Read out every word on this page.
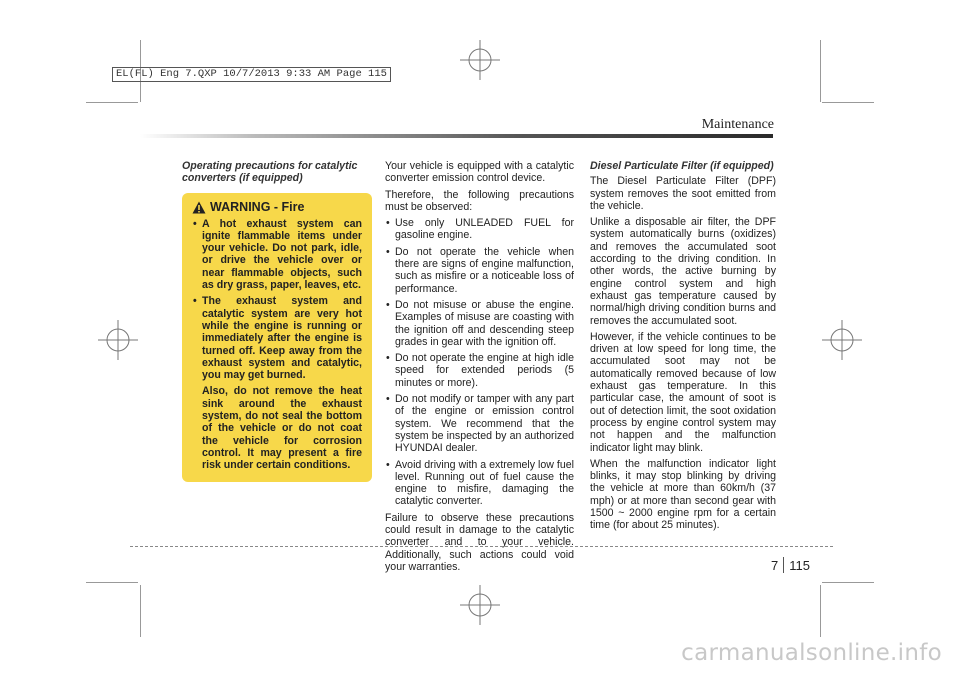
EL(FL) Eng 7.QXP 10/7/2013 9:33 AM Page 115
Maintenance
Operating precautions for catalytic converters (if equipped)
WARNING - Fire
• A hot exhaust system can ignite flammable items under your vehicle. Do not park, idle, or drive the vehicle over or near flammable objects, such as dry grass, paper, leaves, etc.
• The exhaust system and catalytic system are very hot while the engine is running or immediately after the engine is turned off. Keep away from the exhaust system and catalytic, you may get burned.

Also, do not remove the heat sink around the exhaust system, do not seal the bottom of the vehicle or do not coat the vehicle for corrosion control. It may present a fire risk under certain conditions.

Your vehicle is equipped with a catalytic converter emission control device.

Therefore, the following precautions must be observed:

• Use only UNLEADED FUEL for gasoline engine.
• Do not operate the vehicle when there are signs of engine malfunction, such as misfire or a noticeable loss of performance.
• Do not misuse or abuse the engine. Examples of misuse are coasting with the ignition off and descending steep grades in gear with the ignition off.
• Do not operate the engine at high idle speed for extended periods (5 minutes or more).
• Do not modify or tamper with any part of the engine or emission control system. We recommend that the system be inspected by an authorized HYUNDAI dealer.
• Avoid driving with a extremely low fuel level. Running out of fuel cause the engine to misfire, damaging the catalytic converter.

Failure to observe these precautions could result in damage to the catalytic converter and to your vehicle. Additionally, such actions could void your warranties.

Diesel Particulate Filter (if equipped)

The Diesel Particulate Filter (DPF) system removes the soot emitted from the vehicle.

Unlike a disposable air filter, the DPF system automatically burns (oxidizes) and removes the accumulated soot according to the driving condition. In other words, the active burning by engine control system and high exhaust gas temperature caused by normal/high driving condition burns and removes the accumulated soot.

However, if the vehicle continues to be driven at low speed for long time, the accumulated soot may not be automatically removed because of low exhaust gas temperature. In this particular case, the amount of soot is out of detection limit, the soot oxidation process by engine control system may not happen and the malfunction indicator light may blink.

When the malfunction indicator light blinks, it may stop blinking by driving the vehicle at more than 60km/h (37 mph) or at more than second gear with 1500 ~ 2000 engine rpm for a certain time (for about 25 minutes).

7 115
carmanualsonline.info
